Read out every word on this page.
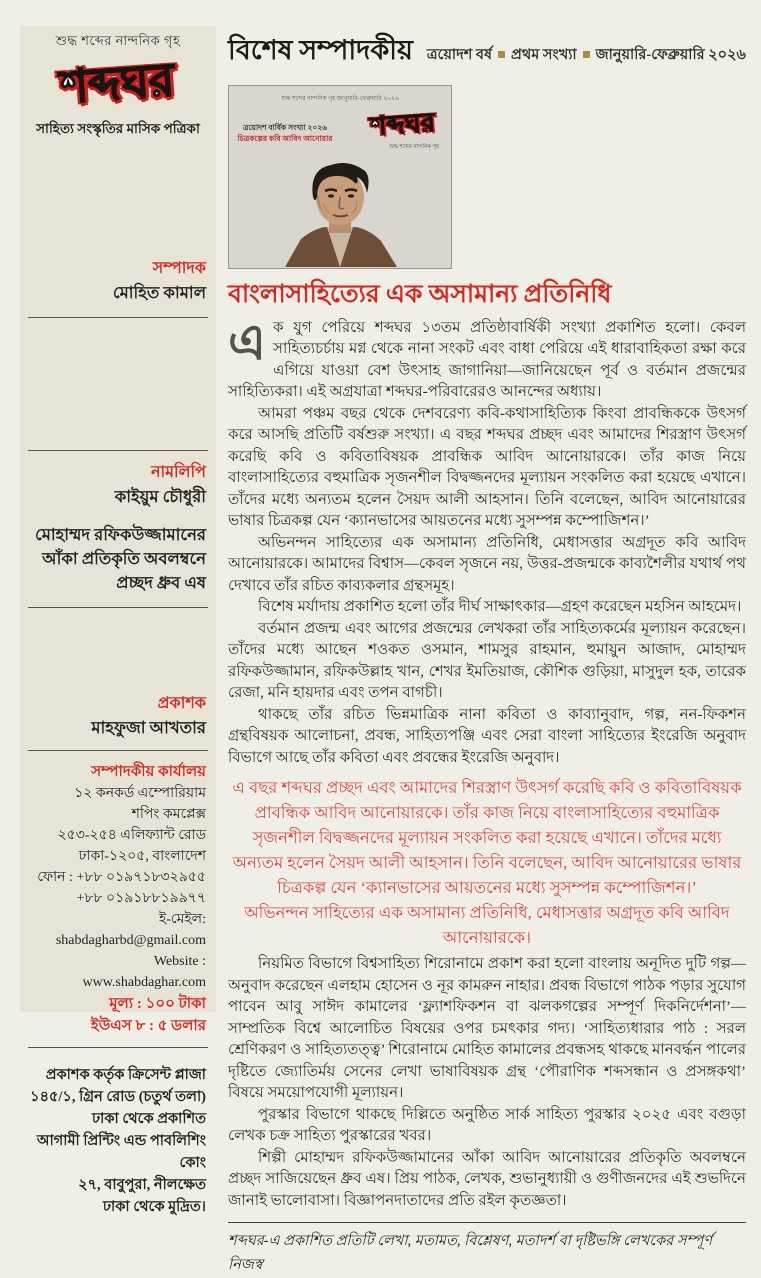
শুদ্ধ শব্দের নান্দনিক গৃহ
শব্দঘর
সাহিত্য সংস্কৃতির মাসিক পত্রিকা
সম্পাদক
মোহিত কামাল
নামলিপি
কাইয়ুম চৌধুরী
মোহাম্মদ রফিকউজ্জামানের
আঁকা প্রতিকৃতি অবলম্বনে
প্রচ্ছদ ধ্রুব এষ
প্রকাশক
মাহফুজা আখতার
সম্পাদকীয় কার্যালয়
১২ কনকর্ড এম্পোরিয়াম
শপিং কমপ্লেক্স
২৫৩-২৫৪ এলিফ্যান্ট রোড
ঢাকা-১২০৫, বাংলাদেশ
ফোন : +৮৮ ০১৯৭১৮৩২৯৫৫
+৮৮ ০১৯১৮৮১৯৯৭৭
ই-মেইল: shabdagharbd@gmail.com
Website : www.shabdaghar.com
মূল্য : ১০০ টাকা
ইউএস ৮ : ৫ ডলার
প্রকাশক কর্তৃক ক্রিসেন্ট প্লাজা
১৪৫/১, গ্রিন রোড (চতুর্থ তলা)
ঢাকা থেকে প্রকাশিত
আগামী প্রিন্টিং এন্ড পাবলিশিং কোং
২৭, বাবুপুরা, নীলক্ষেত
ঢাকা থেকে মুদ্রিত।
বিশেষ সম্পাদকীয় ত্রয়োদশ বর্ষ প্রথম সংখ্যা জানুয়ারি-ফেব্রুয়ারি ২০২৬
শুদ্ধ শব্দের নান্দনিক গৃহ জানুয়ারি-ফেব্রুয়ারি ২০২৬
ত্রয়োদশ বার্ষিক সংখ্যা ২০২৬
চিত্রকল্পের কবি আবিদ আনোয়ার শব্দঘর
শুদ্ধ শব্দের নান্দনিক গৃহ
বাংলাসাহিত্যের এক অসামান্য প্রতিনিধি

এক যুগ পেরিয়ে শব্দঘর ১৩তম প্রতিষ্ঠাবার্ষিকী সংখ্যা প্রকাশিত হলো। কেবল সাহিত্যচর্চায় মগ্ন থেকে নানা সংকট এবং বাধা পেরিয়ে এই ধারাবাহিকতা রক্ষা করে এগিয়ে যাওয়া বেশ উৎসাহ জাগানিয়া—জানিয়েছেন পূর্ব ও বর্তমান প্রজন্মের সাহিত্যিকরা। এই অগ্রযাত্রা শব্দঘর-পরিবারেরও আনন্দের অধ্যায়।

আমরা পঞ্চম বছর থেকে দেশবরেণ্য কবি-কথাসাহিত্যিক কিংবা প্রাবন্ধিককে উৎসর্গ করে আসছি প্রতিটি বর্ষশুরু সংখ্যা। এ বছর শব্দঘর প্রচ্ছদ এবং আমাদের শিরস্ত্রাণ উৎসর্গ করেছি কবি ও কবিতাবিষয়ক প্রাবন্ধিক আবিদ আনোয়ারকে। তাঁর কাজ নিয়ে বাংলাসাহিত্যের বহুমাত্রিক সৃজনশীল বিদ্বজ্জনদের মূল্যায়ন সংকলিত করা হয়েছে এখানে। তাঁদের মধ্যে অন্যতম হলেন সৈয়দ আলী আহসান। তিনি বলেছেন, আবিদ আনোয়ারের ভাষার চিত্রকল্প যেন ‘ক্যানভাসের আয়তনের মধ্যে সুসম্পন্ন কম্পোজিশন।’

অভিনন্দন সাহিত্যের এক অসামান্য প্রতিনিধি, মেধাসত্তার অগ্রদূত কবি আবিদ আনোয়ারকে। আমাদের বিশ্বাস—কেবল সৃজনে নয়, উত্তর-প্রজন্মকে কাব্যশৈলীর যথার্থ পথ দেখাবে তাঁর রচিত কাব্যকলার গ্রন্থসমূহ।

বিশেষ মর্যাদায় প্রকাশিত হলো তাঁর দীর্ঘ সাক্ষাৎকার—গ্রহণ করেছেন মহসিন আহমেদ।

বর্তমান প্রজন্ম এবং আগের প্রজন্মের লেখকরা তাঁর সাহিত্যকর্মের মূল্যায়ন করেছেন। তাঁদের মধ্যে আছেন শওকত ওসমান, শামসুর রাহমান, হুমায়ুন আজাদ, মোহাম্মদ রফিকউজ্জামান, রফিকউল্লাহ খান, শেখর ইমতিয়াজ, কৌশিক গুড়িয়া, মাসুদুল হক, তারেক রেজা, মনি হায়দার এবং তপন বাগচী।

থাকছে তাঁর রচিত ভিন্নমাত্রিক নানা কবিতা ও কাব্যানুবাদ, গল্প, নন-ফিকশন গ্রন্থবিষয়ক আলোচনা, প্রবন্ধ, সাহিত্যপঞ্জি এবং সেরা বাংলা সাহিত্যের ইংরেজি অনুবাদ বিভাগে আছে তাঁর কবিতা এবং প্রবন্ধের ইংরেজি অনুবাদ।

এ বছর শব্দঘর প্রচ্ছদ এবং আমাদের শিরস্ত্রাণ উৎসর্গ করেছি কবি ও কবিতাবিষয়ক প্রাবন্ধিক আবিদ আনোয়ারকে। তাঁর কাজ নিয়ে বাংলাসাহিত্যের বহুমাত্রিক সৃজনশীল বিদ্বজ্জনদের মূল্যায়ন সংকলিত করা হয়েছে এখানে। তাঁদের মধ্যে অন্যতম হলেন সৈয়দ আলী আহসান। তিনি বলেছেন, আবিদ আনোয়ারের ভাষার চিত্রকল্প যেন ‘ক্যানভাসের আয়তনের মধ্যে সুসম্পন্ন কম্পোজিশন।’
অভিনন্দন সাহিত্যের এক অসামান্য প্রতিনিধি, মেধাসত্তার অগ্রদূত কবি আবিদ আনোয়ারকে।

নিয়মিত বিভাগে বিশ্বসাহিত্য শিরোনামে প্রকাশ করা হলো বাংলায় অনূদিত দুটি গল্প—অনুবাদ করেছেন এলহাম হোসেন ও নূর কামরুন নাহার। প্রবন্ধ বিভাগে পাঠক পড়ার সুযোগ পাবেন আবু সাঈদ কামালের ‘ফ্ল্যাশফিকশন বা ঝলকগল্পের সম্পূর্ণ দিকনির্দেশনা’—সাম্প্রতিক বিশ্বে আলোচিত বিষয়ের ওপর চমৎকার গদ্য। ‘সাহিত্যধারার পাঠ : সরল শ্রেণিকরণ ও সাহিত্যতত্ত্ব’ শিরোনামে মোহিত কামালের প্রবন্ধসহ থাকছে মানবর্দ্ধন পালের দৃষ্টিতে জ্যোতির্ময় সেনের লেখা ভাষাবিষয়ক গ্রন্থ ‘পৌরাণিক শব্দসন্ধান ও প্রসঙ্গকথা’ বিষয়ে সময়োপযোগী মূল্যায়ন।

পুরস্কার বিভাগে থাকছে দিল্লিতে অনুষ্ঠিত সার্ক সাহিত্য পুরস্কার ২০২৫ এবং বগুড়া লেখক চক্র সাহিত্য পুরস্কারের খবর।

শিল্পী মোহাম্মদ রফিকউজ্জামানের আঁকা আবিদ আনোয়ারের প্রতিকৃতি অবলম্বনে প্রচ্ছদ সাজিয়েছেন ধ্রুব এষ। প্রিয় পাঠক, লেখক, শুভানুধ্যায়ী ও গুণীজনদের এই শুভদিনে জানাই ভালোবাসা। বিজ্ঞাপনদাতাদের প্রতি রইল কৃতজ্ঞতা।

শব্দঘর-এ প্রকাশিত প্রতিটি লেখা, মতামত, বিশ্লেষণ, মতাদর্শ বা দৃষ্টিভঙ্গি লেখকের সম্পূর্ণ নিজস্ব
